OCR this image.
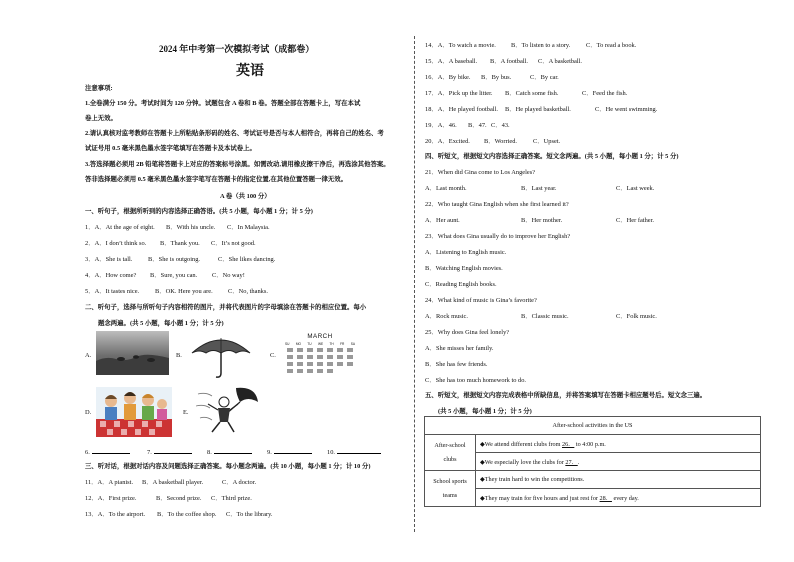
2024 年中考第一次模拟考试（成都卷）
英语
注意事项:
1.全卷满分 150 分。考试时间为 120 分钟。试题包含 A 卷和 B 卷。答题全部在答题卡上，写在本试
卷上无效。
2.请认真核对监考教师在答题卡上所粘贴条形码的姓名、考试证号是否与本人相符合，再将自己的姓名、考
试证号用 0.5 毫米黑色墨水签字笔填写在答题卡及本试卷上。
3.答选择题必须用 2B 铅笔将答题卡上对应的答案标号涂黑。如需改动,请用橡皮擦干净后，再选涂其他答案。
答非选择题必须用 0.5 毫米黑色墨水签字笔写在答题卡的指定位置,在其他位置答题一律无效。
A 卷（共 100 分）
一、听句子，根据所听到的内容选择正确答语。(共 5 小题，每小题 1 分；计 5 分)
1．A．At the age of eight. B．With his uncle. C．In Malaysia.
2．A．I don’t think so. B．Thank you. C．It’s not good.
3．A．She is tall. B．She is outgoing.	C．She likes dancing.
4．A．How come? B．Sure, you can. C．No way!
5．A．It tastes nice. B．OK. Here you are. C．No, thanks.
二、听句子，选择与所听句子内容相符的图片，并将代表图片的字母填涂在答题卡的相应位置。每小
题念两遍。(共 5 小题，每小题 1 分；计 5 分)
A.	B.	C.
MARCH
SU MO TU WE TH FR SA
D.	E.
6.	7.	8.	9.	10.
三、听对话，根据对话内容及问题选择正确答案。每小题念两遍。(共 10 小题，每小题 1 分；计 10 分)
11．A．A pianist. B．A basketball player.	C．A doctor.
12．A．First prize.	B．Second prize. C．Third prize.
13．A．To the airport. B．To the coffee shop. C．To the library.
14．A．To watch a movie. B．To listen to a story. C．To read a book.
15．A．A baseball. B．A football. C．A basketball.
16．A．By bike. B．By bus.	C．By car.
17．A．Pick up the litter. B．Catch some fish.	C．Feed the fish.
18．A．He played football. B．He played basketball.	C．He went swimming.
19．A．46. B．47. C．43.
20．A．Excited. B．Worried. C．Upset.
四、听短文，根据短文内容选择正确答案。短文念两遍。(共 5 小题，每小题 1 分；计 5 分)
21．When did Gina come to Los Angeles?
A．Last month.	B．Last year.	C．Last week.
22．Who taught Gina English when she first learned it?
A．Her aunt.	B．Her mother.	C．Her father.
23．What does Gina usually do to improve her English?
A．Listening to English music.
B．Watching English movies.
C．Reading English books.
24．What kind of music is Gina’s favorite?
A．Rock music.	B．Classic music.	C．Folk music.
25．Why does Gina feel lonely?
A．She misses her family.
B．She has few friends.
C．She has too much homework to do.
五、听短文，根据短文内容完成表格中所缺信息，并将答案填写在答题卡相应题号后。短文念三遍。
(共 5 小题，每小题 1 分；计 5 分)
After-school activities in the US	
After-school

clubs	◆We attend different clubs from 26． to 4:00 p.m.
	◆We especially love the clubs for 27．.
School sports

teams	◆They train hard to win the competitions.
	◆They may train for five hours and just rest for 28． every day.
